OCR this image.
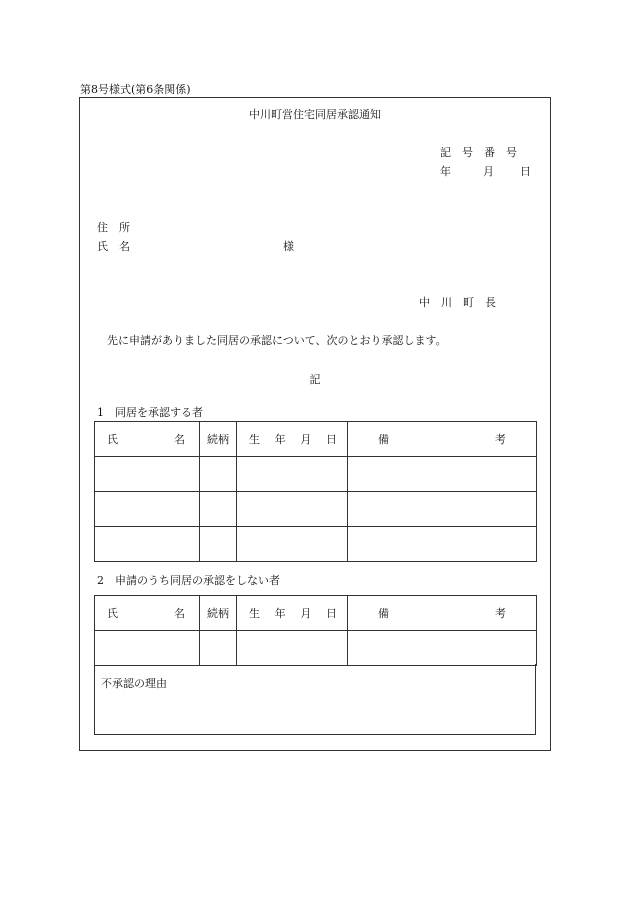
第8号様式(第6条関係)
中川町営住宅同居承認通知
記号番号
年	月 日
住　所
氏　名	様
中川町長
先に申請がありました同居の承認について、次のとおり承認します。
記
1　同居を承認する者
氏 名	続柄	生 年 月 日	備 考

2　申請のうち同居の承認をしない者
氏 名	続柄	生 年 月 日	備 考

不承認の理由
